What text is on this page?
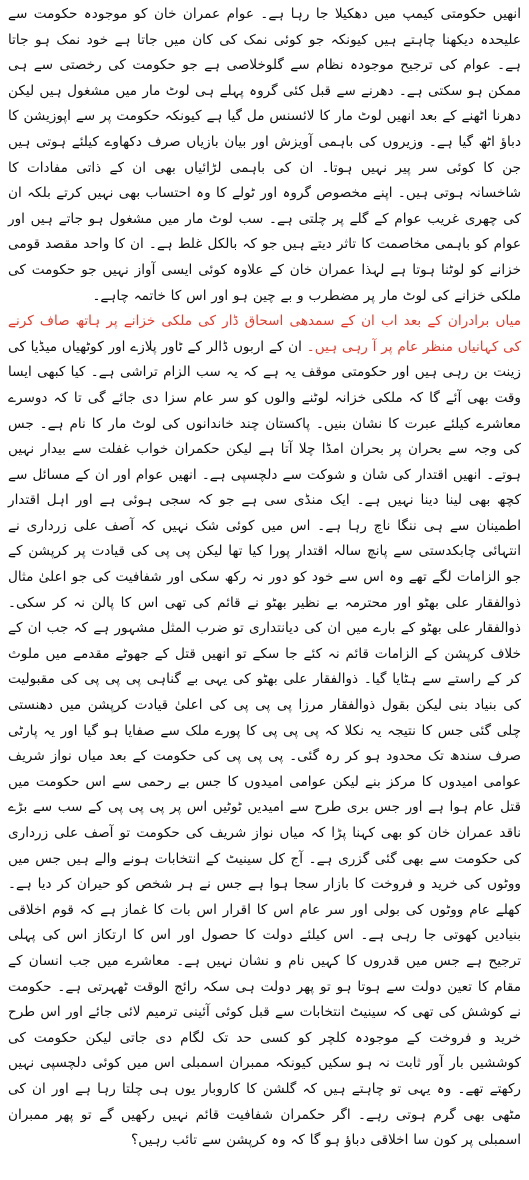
انھیں حکومتی کیمپ میں دھکیلا جا رہا ہے۔ عوام عمران خان کو موجودہ حکومت سے علیحدہ دیکھنا چاہتے ہیں کیونکہ جو کوئی نمک کی کان میں جاتا ہے خود نمک ہو جاتا ہے۔ عوام کی ترجیح موجودہ نظام سے گلوخلاصی ہے جو حکومت کی رخصتی سے ہی ممکن ہو سکتی ہے۔ دھرنے سے قبل کئی گروہ پہلے ہی لوٹ مار میں مشغول ہیں لیکن دھرنا اٹھنے کے بعد انھیں لوٹ مار کا لائسنس مل گیا ہے کیونکہ حکومت پر سے اپوزیشن کا دباؤ اٹھ گیا ہے۔ وزیروں کی باہمی آویزش اور بیان بازیاں صرف دکھاوے کیلئے ہوتی ہیں جن کا کوئی سر پیر نہیں ہوتا۔ ان کی باہمی لڑائیاں بھی ان کے ذاتی مفادات کا شاخسانہ ہوتی ہیں۔ اپنے مخصوص گروہ اور ٹولے کا وہ احتساب بھی نہیں کرتے بلکہ ان کی چھری غریب عوام کے گلے پر چلتی ہے۔ سب لوٹ مار میں مشغول ہو جاتے ہیں اور عوام کو باہمی مخاصمت کا تاثر دیتے ہیں جو کہ بالکل غلط ہے۔ ان کا واحد مقصد قومی خزانے کو لوٹنا ہوتا ہے لہذا عمران خان کے علاوہ کوئی ایسی آواز نہیں جو حکومت کی ملکی خزانے کی لوٹ مار پر مضطرب و بے چین ہو اور اس کا خاتمہ چاہے۔

میاں برادران کے بعد اب ان کے سمدھی اسحاق ڈار کی ملکی خزانے پر ہاتھ صاف کرنے کی کہانیاں منظر عام پر آ رہی ہیں۔ ان کے اربوں ڈالر کے ٹاور پلازے اور کوٹھیاں میڈیا کی زینت بن رہی ہیں اور حکومتی موقف یہ ہے کہ یہ سب الزام تراشی ہے۔ کیا کبھی ایسا وقت بھی آئے گا کہ ملکی خزانہ لوٹنے والوں کو سر عام سزا دی جائے گی تا کہ دوسرے معاشرے کیلئے عبرت کا نشان بنیں۔ پاکستان چند خاندانوں کی لوٹ مار کا نام ہے۔ جس کی وجہ سے بحران پر بحران امڈا چلا آتا ہے لیکن حکمران خواب غفلت سے بیدار نہیں ہوتے۔ انھیں اقتدار کی شان و شوکت سے دلچسپی ہے۔ انھیں عوام اور ان کے مسائل سے کچھ بھی لینا دینا نہیں ہے۔ ایک منڈی سی ہے جو کہ سجی ہوئی ہے اور اہل اقتدار اطمینان سے ہی ننگا ناچ رہا ہے۔ اس میں کوئی شک نہیں کہ آصف علی زرداری نے انتہائی چابکدستی سے پانچ سالہ اقتدار پورا کیا تھا لیکن پی پی کی قیادت پر کرپشن کے جو الزامات لگے تھے وہ اس سے خود کو دور نہ رکھ سکی اور شفافیت کی جو اعلیٰ مثال ذوالفقار علی بھٹو اور محترمہ بے نظیر بھٹو نے قائم کی تھی اس کا پالن نہ کر سکی۔ ذوالفقار علی بھٹو کے بارے میں ان کی دیانتداری تو ضرب المثل مشہور ہے کہ جب ان کے خلاف کرپشن کے الزامات قائم نہ کئے جا سکے تو انھیں قتل کے جھوٹے مقدمے میں ملوث کر کے راستے سے ہٹایا گیا۔ ذوالفقار علی بھٹو کی یہی بے گناہی پی پی پی کی مقبولیت کی بنیاد بنی لیکن بقول ذوالفقار مرزا پی پی پی کی اعلیٰ قیادت کرپشن میں دھنستی چلی گئی جس کا نتیجہ یہ نکلا کہ پی پی پی کا پورے ملک سے صفایا ہو گیا اور یہ پارٹی صرف سندھ تک محدود ہو کر رہ گئی۔ پی پی پی کی حکومت کے بعد میاں نواز شریف عوامی امیدوں کا مرکز بنے لیکن عوامی امیدوں کا جس بے رحمی سے اس حکومت میں قتل عام ہوا ہے اور جس بری طرح سے امیدیں ٹوٹیں اس پر پی پی پی کے سب سے بڑے ناقد عمران خان کو بھی کہنا پڑا کہ میاں نواز شریف کی حکومت تو آصف علی زرداری کی حکومت سے بھی گئی گزری ہے۔ آج کل سینیٹ کے انتخابات ہونے والے ہیں جس میں ووٹوں کی خرید و فروخت کا بازار سجا ہوا ہے جس نے ہر شخص کو حیران کر دیا ہے۔ کھلے عام ووٹوں کی بولی اور سر عام اس کا اقرار اس بات کا غماز ہے کہ قوم اخلاقی بنیادیں کھوتی جا رہی ہے۔ اس کیلئے دولت کا حصول اور اس کا ارتکاز اس کی پہلی ترجیح ہے جس میں قدروں کا کہیں نام و نشان نہیں ہے۔ معاشرے میں جب انسان کے مقام کا تعین دولت سے ہوتا ہو تو پھر دولت ہی سکہ رائج الوقت ٹھہرتی ہے۔ حکومت نے کوشش کی تھی کہ سینیٹ انتخابات سے قبل کوئی آئینی ترمیم لائی جائے اور اس طرح خرید و فروخت کے موجودہ کلچر کو کسی حد تک لگام دی جاتی لیکن حکومت کی کوششیں بار آور ثابت نہ ہو سکیں کیونکہ ممبران اسمبلی اس میں کوئی دلچسپی نہیں رکھتے تھے۔ وہ یہی تو چاہتے ہیں کہ گلشن کا کاروبار یوں ہی چلتا رہا ہے اور ان کی مٹھی بھی گرم ہوتی رہے۔ اگر حکمران شفافیت قائم نہیں رکھیں گے تو پھر ممبران اسمبلی پر کون سا اخلاقی دباؤ ہو گا کہ وہ کرپشن سے تائب رہیں؟
